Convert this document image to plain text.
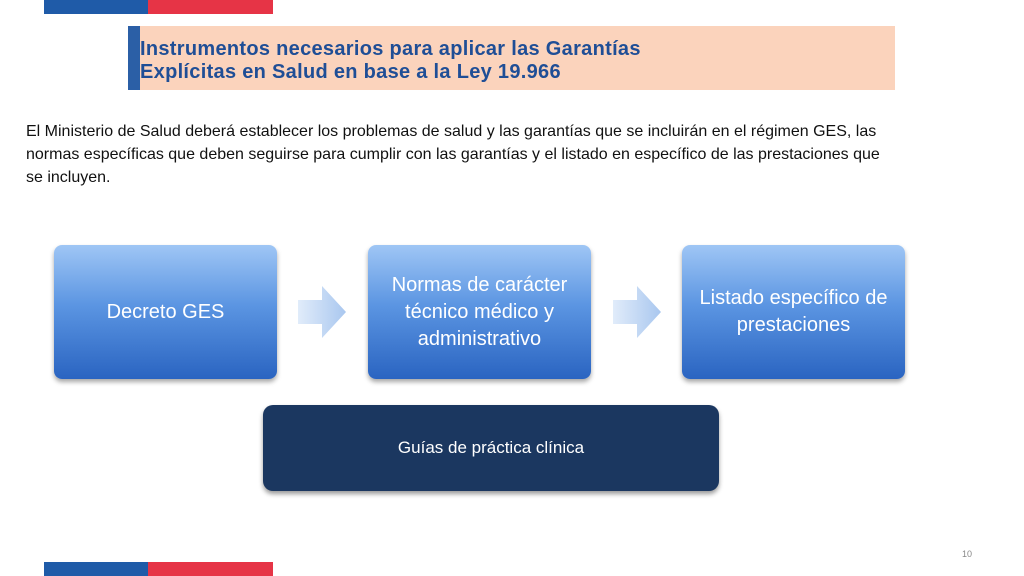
Instrumentos necesarios para aplicar las Garantías
Explícitas en Salud en base a la Ley 19.966
El Ministerio de Salud deberá establecer los problemas de salud y las garantías que se incluirán en el régimen GES, las normas específicas que deben seguirse para cumplir con las garantías y el listado en específico de las prestaciones que se incluyen.
Decreto GES
Normas de carácter técnico médico y administrativo
Listado específico de prestaciones
Guías de práctica clínica
10
